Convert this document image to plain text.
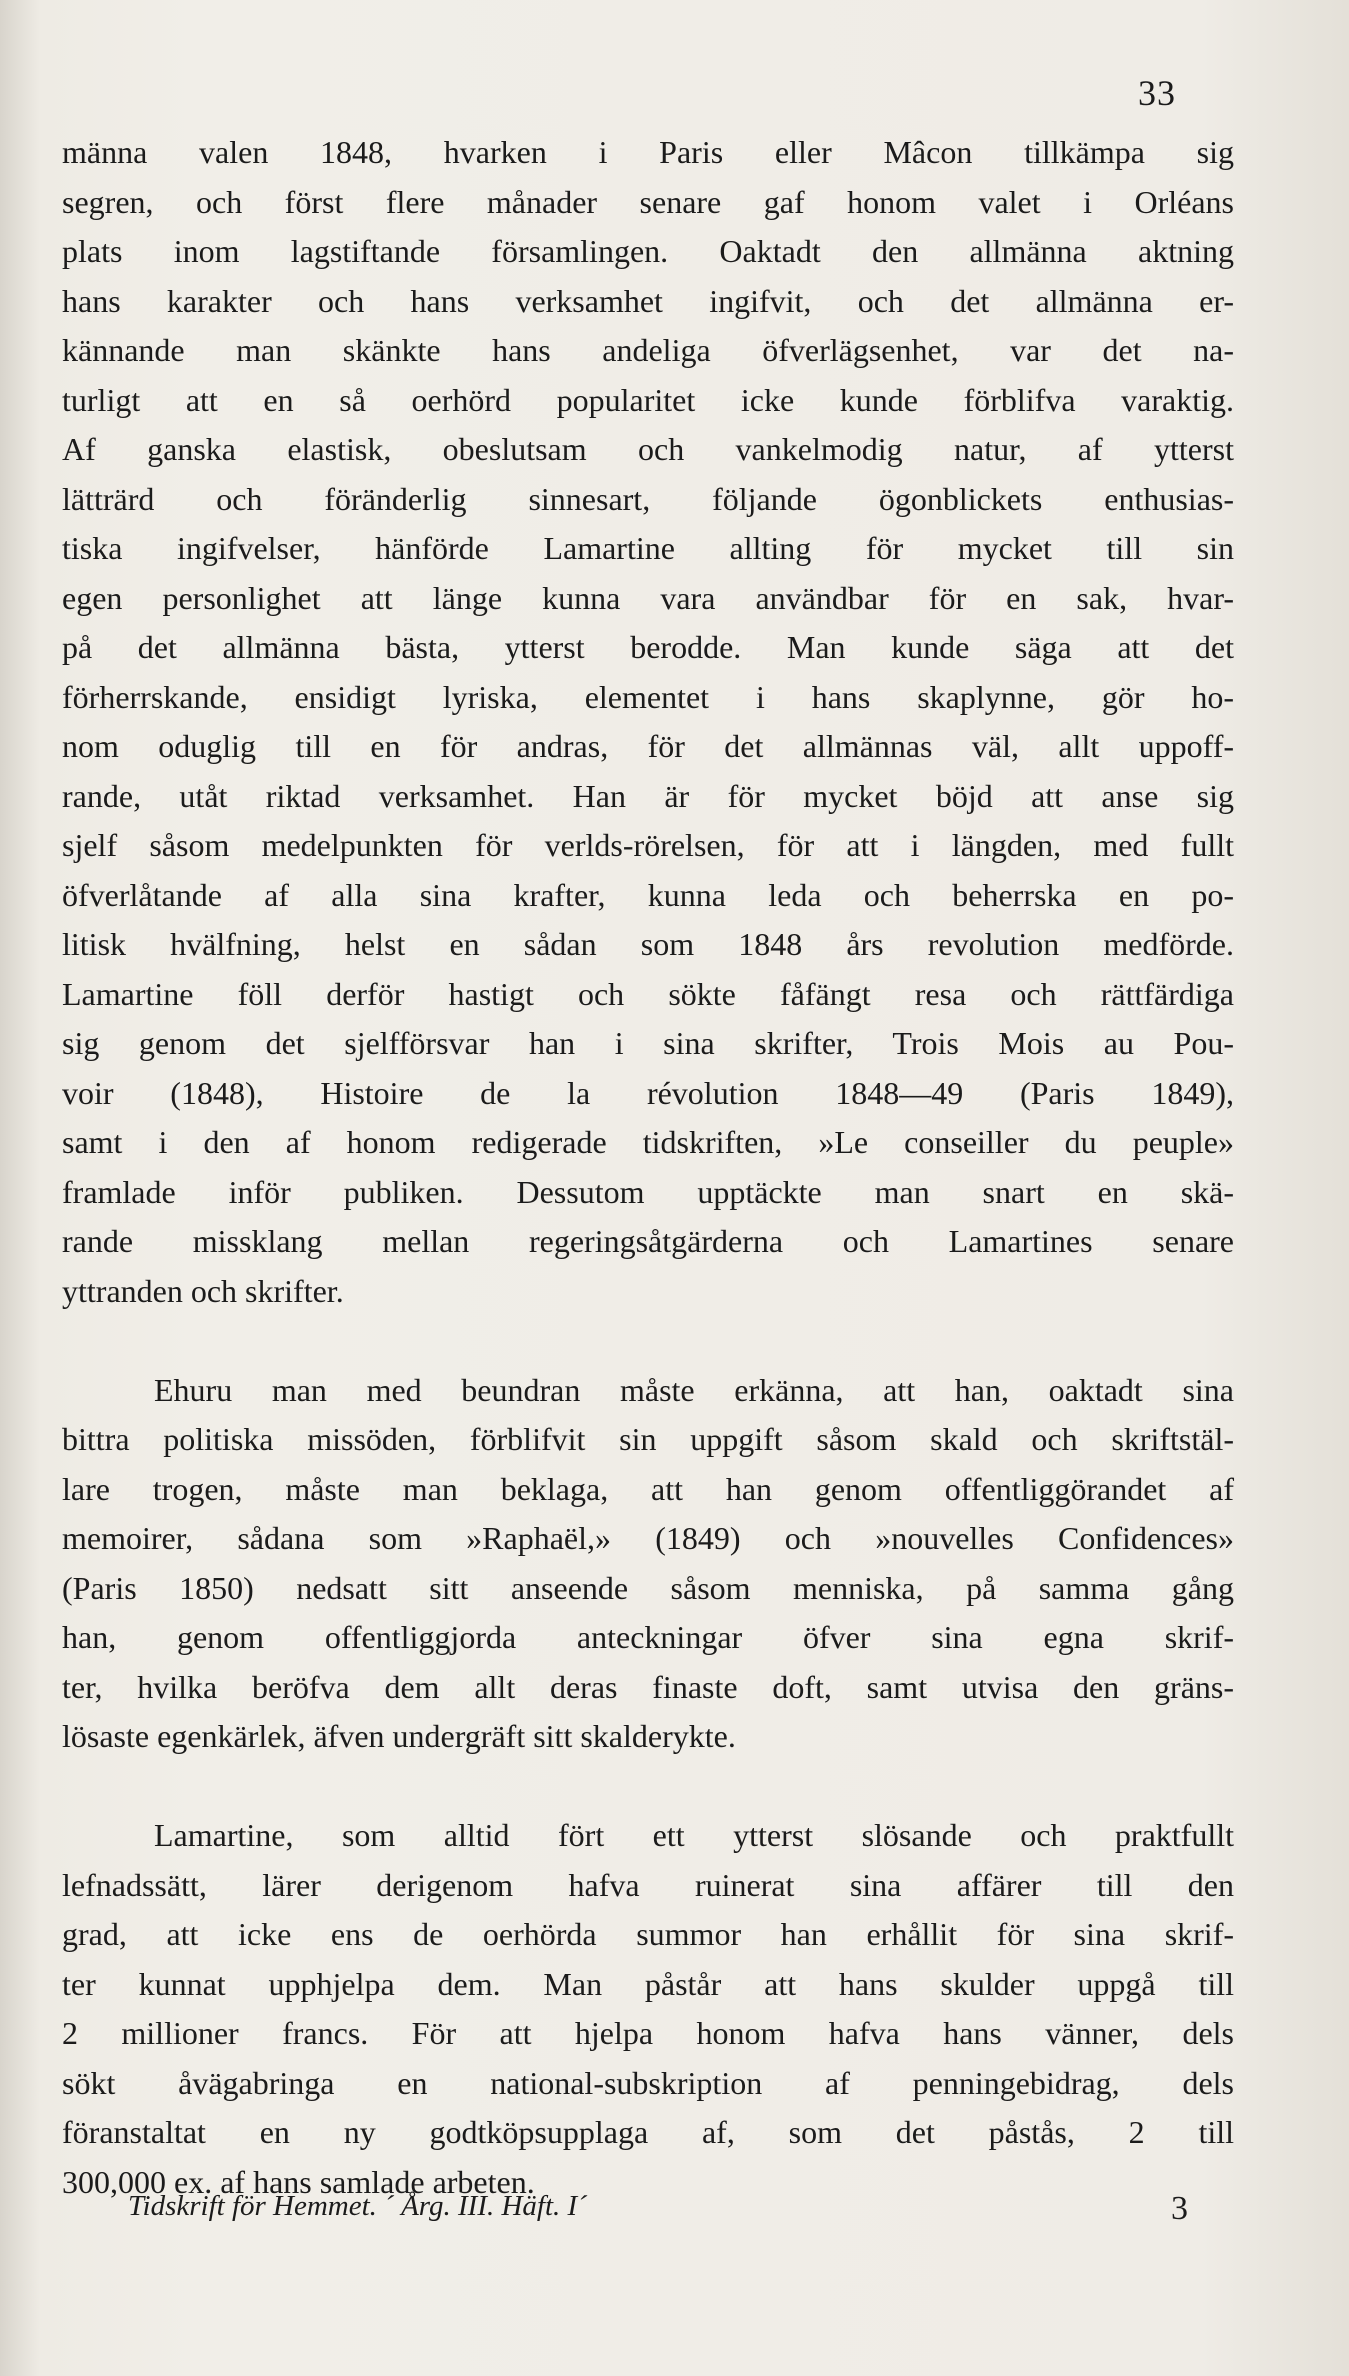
33

männa valen 1848, hvarken i Paris eller Mâcon tillkämpa sig
segren, och först flere månader senare gaf honom valet i Orléans
plats inom lagstiftande församlingen. Oaktadt den allmänna aktning
hans karakter och hans verksamhet ingifvit, och det allmänna er-
kännande man skänkte hans andeliga öfverlägsenhet, var det na-
turligt att en så oerhörd popularitet icke kunde förblifva varaktig.
Af ganska elastisk, obeslutsam och vankelmodig natur, af ytterst
lätträrd och föränderlig sinnesart, följande ögonblickets enthusias-
tiska ingifvelser, hänförde Lamartine allting för mycket till sin
egen personlighet att länge kunna vara användbar för en sak, hvar-
på det allmänna bästa, ytterst berodde. Man kunde säga att det
förherrskande, ensidigt lyriska, elementet i hans skaplynne, gör ho-
nom oduglig till en för andras, för det allmännas väl, allt uppoff-
rande, utåt riktad verksamhet. Han är för mycket böjd att anse sig
sjelf såsom medelpunkten för verlds-rörelsen, för att i längden, med fullt
öfverlåtande af alla sina krafter, kunna leda och beherrska en po-
litisk hvälfning, helst en sådan som 1848 års revolution medförde.
Lamartine föll derför hastigt och sökte fåfängt resa och rättfärdiga
sig genom det sjelfförsvar han i sina skrifter, Trois Mois au Pou-
voir (1848), Histoire de la révolution 1848—49 (Paris 1849),
samt i den af honom redigerade tidskriften, »Le conseiller du peuple»
framlade inför publiken. Dessutom upptäckte man snart en skä-
rande missklang mellan regeringsåtgärderna och Lamartines senare
yttranden och skrifter.

Ehuru man med beundran måste erkänna, att han, oaktadt sina
bittra politiska missöden, förblifvit sin uppgift såsom skald och skriftstäl-
lare trogen, måste man beklaga, att han genom offentliggörandet af
memoirer, sådana som »Raphaël,» (1849) och »nouvelles Confidences»
(Paris 1850) nedsatt sitt anseende såsom menniska, på samma gång
han, genom offentliggjorda anteckningar öfver sina egna skrif-
ter, hvilka beröfva dem allt deras finaste doft, samt utvisa den gräns-
lösaste egenkärlek, äfven undergräft sitt skalderykte.

Lamartine, som alltid fört ett ytterst slösande och praktfullt
lefnadssätt, lärer derigenom hafva ruinerat sina affärer till den
grad, att icke ens de oerhörda summor han erhållit för sina skrif-
ter kunnat upphjelpa dem. Man påstår att hans skulder uppgå till
2 millioner francs. För att hjelpa honom hafva hans vänner, dels
sökt åvägabringa en national-subskription af penningebidrag, dels
föranstaltat en ny godtköpsupplaga af, som det påstås, 2 till
300,000 ex. af hans samlade arbeten.

Tidskrift för Hemmet. ´ Årg. III. Häft. I´	3
